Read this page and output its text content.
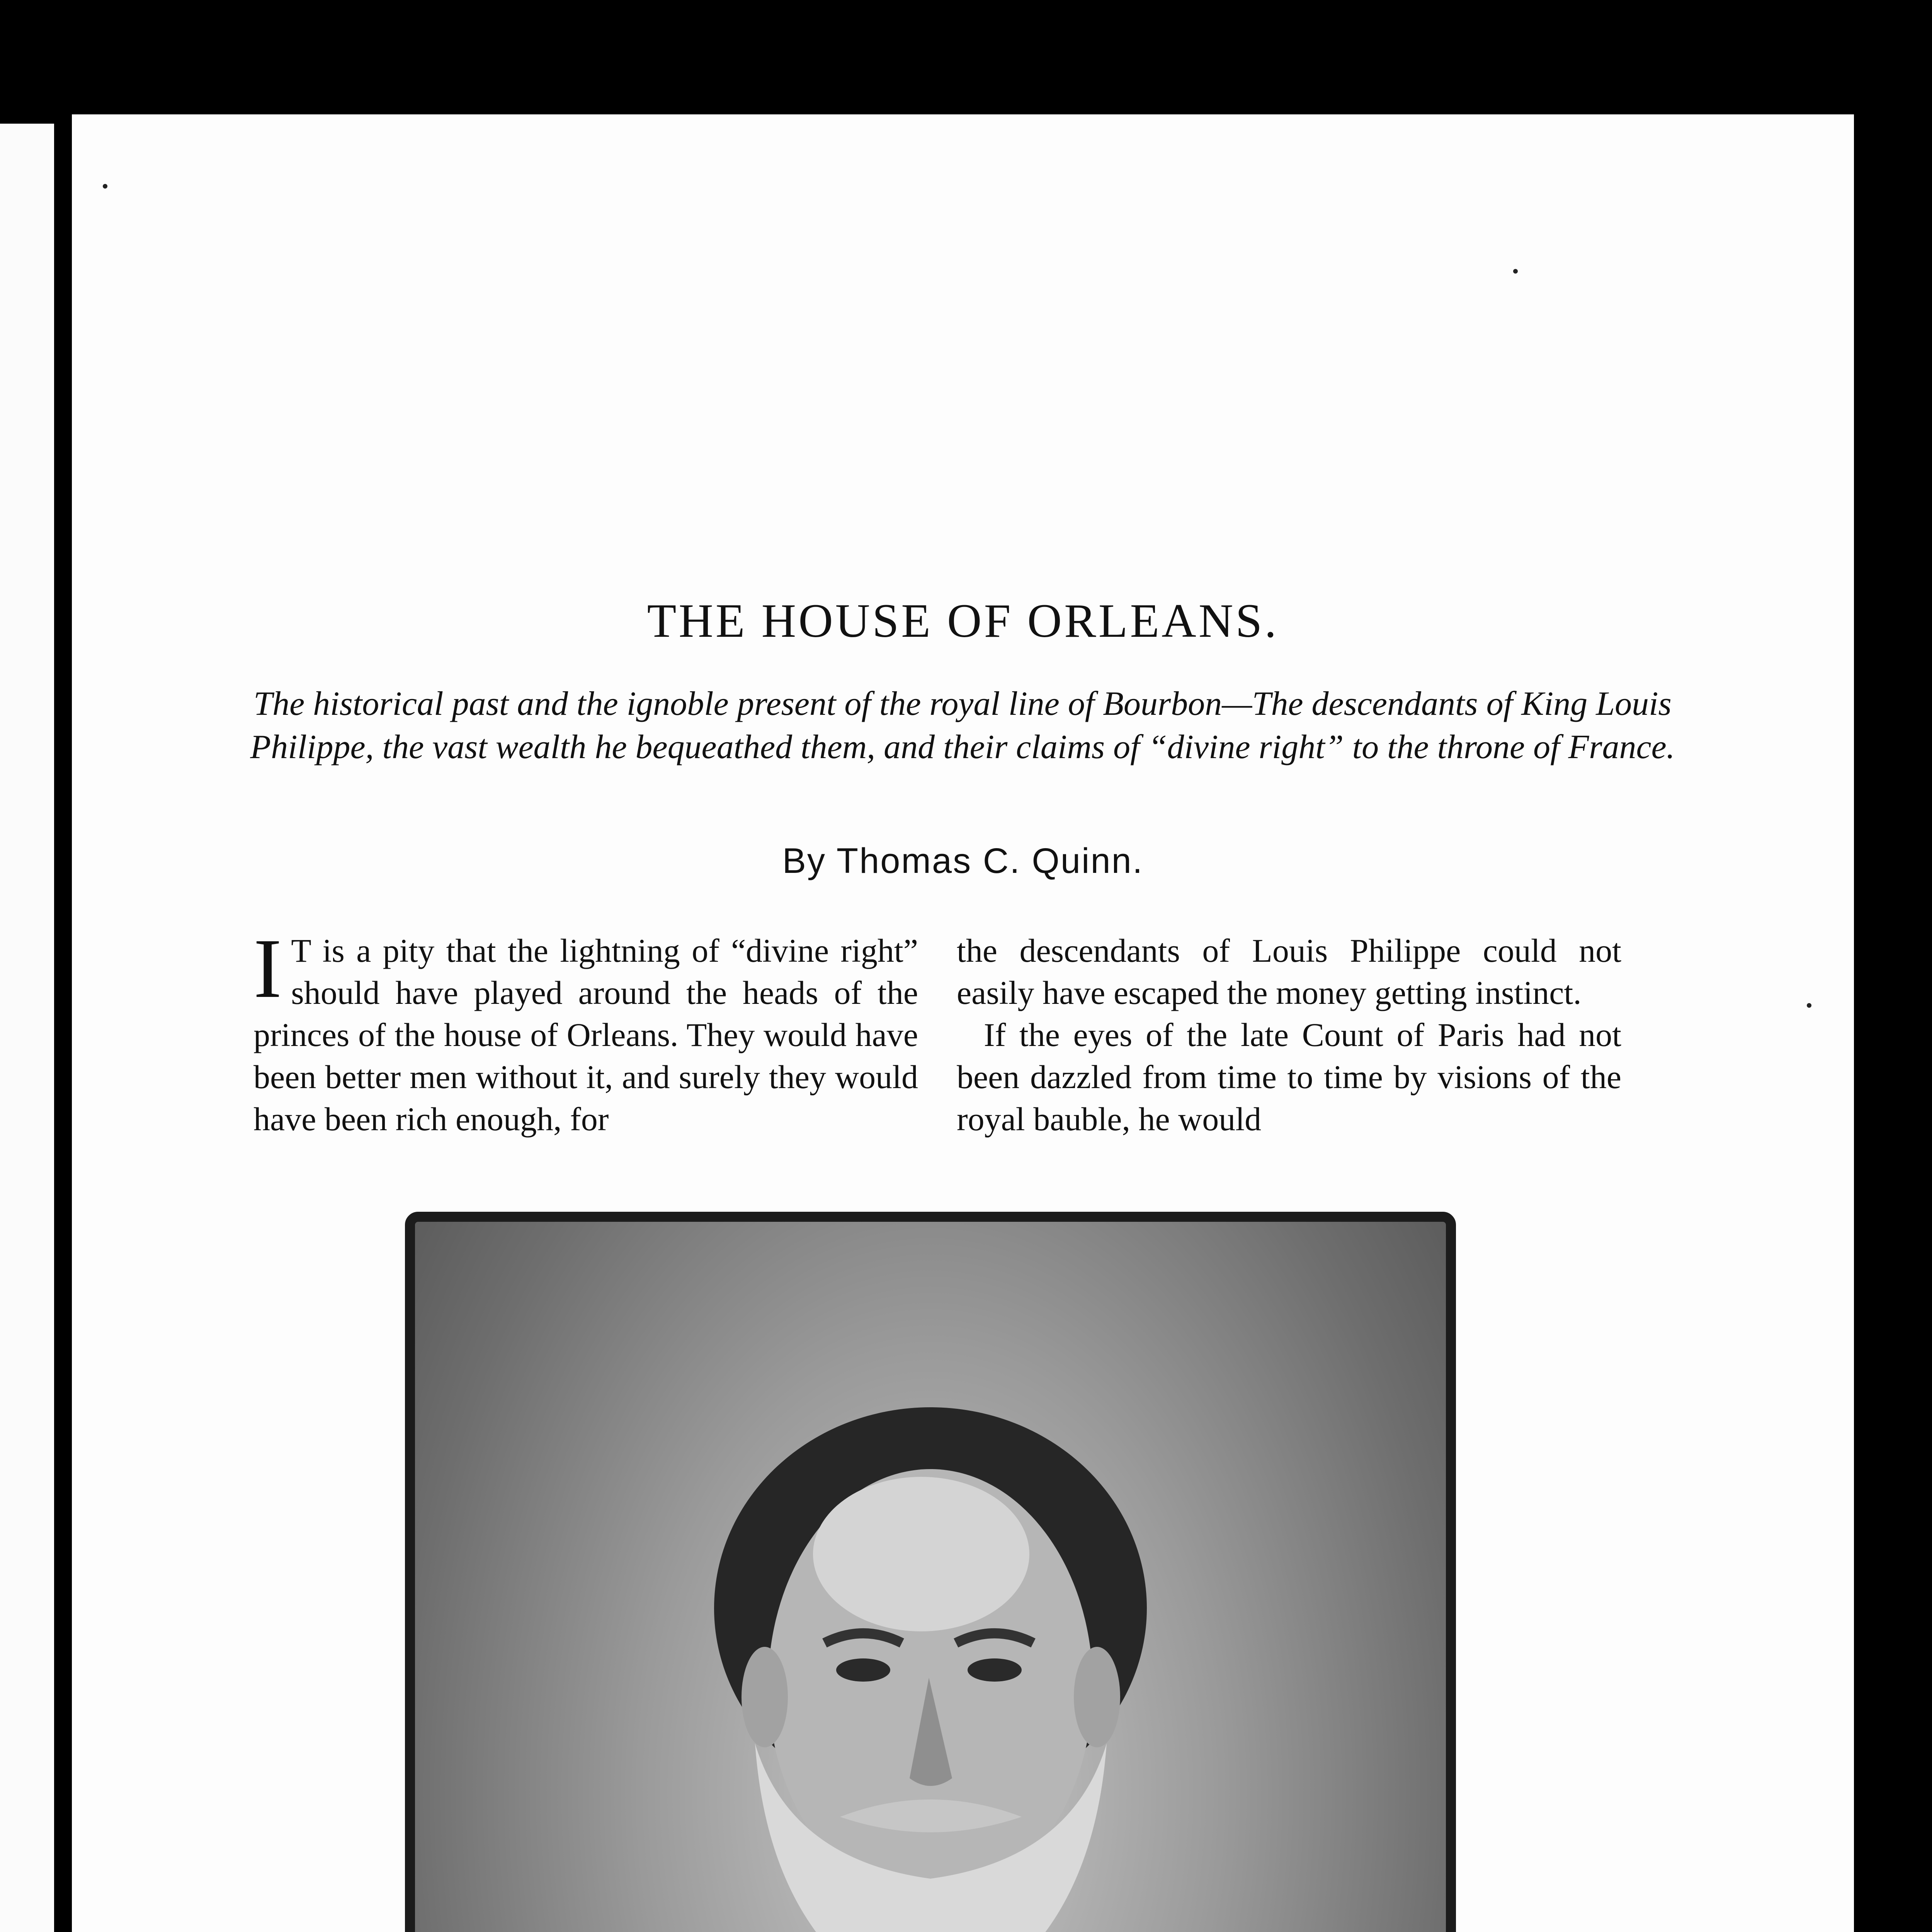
THE HOUSE OF ORLEANS.
The historical past and the ignoble present of the royal line of Bourbon—The descendants of King Louis Philippe, the vast wealth he bequeathed them, and their claims of “divine right” to the throne of France.
By Thomas C. Quinn.

I T is a pity that the lightning of “divine right” should have played around the heads of the princes of the house of Orleans. They would have been better men without it, and surely they would have been rich enough, for

the descendants of Louis Philippe could not easily have escaped the money getting instinct.

If the eyes of the late Count of Paris had not been dazzled from time to time by visions of the royal bauble, he would
